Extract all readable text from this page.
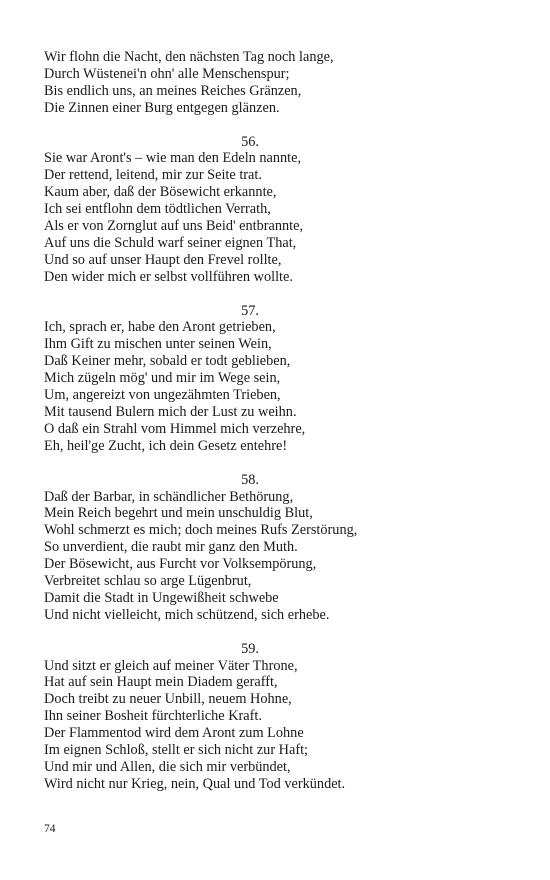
Wir flohn die Nacht, den nächsten Tag noch lange,
Durch Wüstenei'n ohn' alle Menschenspur;
Bis endlich uns, an meines Reiches Gränzen,
Die Zinnen einer Burg entgegen glänzen.
56.
Sie war Aront's – wie man den Edeln nannte,
Der rettend, leitend, mir zur Seite trat.
Kaum aber, daß der Bösewicht erkannte,
Ich sei entflohn dem tödtlichen Verrath,
Als er von Zornglut auf uns Beid' entbrannte,
Auf uns die Schuld warf seiner eignen That,
Und so auf unser Haupt den Frevel rollte,
Den wider mich er selbst vollführen wollte.
57.
Ich, sprach er, habe den Aront getrieben,
Ihm Gift zu mischen unter seinen Wein,
Daß Keiner mehr, sobald er todt geblieben,
Mich zügeln mög' und mir im Wege sein,
Um, angereizt von ungezähmten Trieben,
Mit tausend Bulern mich der Lust zu weihn.
O daß ein Strahl vom Himmel mich verzehre,
Eh, heil'ge Zucht, ich dein Gesetz entehre!
58.
Daß der Barbar, in schändlicher Bethörung,
Mein Reich begehrt und mein unschuldig Blut,
Wohl schmerzt es mich; doch meines Rufs Zerstörung,
So unverdient, die raubt mir ganz den Muth.
Der Bösewicht, aus Furcht vor Volksempörung,
Verbreitet schlau so arge Lügenbrut,
Damit die Stadt in Ungewißheit schwebe
Und nicht vielleicht, mich schützend, sich erhebe.
59.
Und sitzt er gleich auf meiner Väter Throne,
Hat auf sein Haupt mein Diadem gerafft,
Doch treibt zu neuer Unbill, neuem Hohne,
Ihn seiner Bosheit fürchterliche Kraft.
Der Flammentod wird dem Aront zum Lohne
Im eignen Schloß, stellt er sich nicht zur Haft;
Und mir und Allen, die sich mir verbündet,
Wird nicht nur Krieg, nein, Qual und Tod verkündet.
74
